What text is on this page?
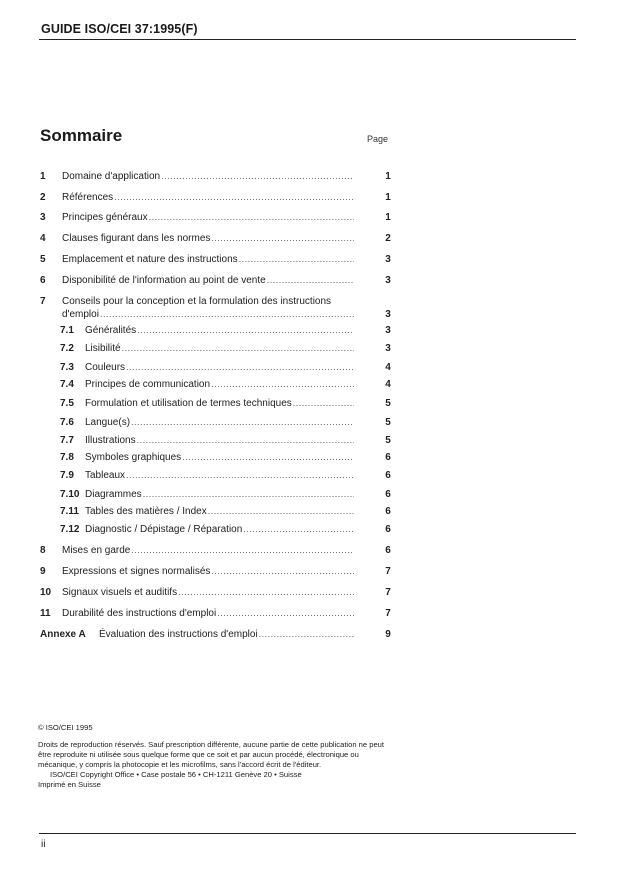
GUIDE ISO/CEI 37:1995(F)
Sommaire	Page
1 Domaine d'application .....	1
2 Références .....	1
3 Principes généraux .....	1
4 Clauses figurant dans les normes .....	2
5 Emplacement et nature des instructions .....	3
6 Disponibilité de l'information au point de vente .....	3
7 Conseils pour la conception et la formulation des instructions
d'emploi .....	3
7.1 Généralités .....	3
7.2 Lisibilité .....	3
7.3 Couleurs .....	4
7.4 Principes de communication .....	4
7.5 Formulation et utilisation de termes techniques .....	5
7.6 Langue(s) .....	5
7.7 Illustrations .....	5
7.8 Symboles graphiques .....	6
7.9 Tableaux .....	6
7.10 Diagrammes .....	6
7.11 Tables des matières / Index .....	6
7.12 Diagnostic / Dépistage / Réparation .....	6
8 Mises en garde .....	6
9 Expressions et signes normalisés .....	7
10 Signaux visuels et auditifs .....	7
11 Durabilité des instructions d'emploi .....	7
Annexe A Évaluation des instructions d'emploi .....	9

© ISO/CEI 1995

Droits de reproduction réservés. Sauf prescription différente, aucune partie de cette publication ne peut être reproduite ni utilisée sous quelque forme que ce soit et par aucun procédé, électronique ou mécanique, y compris la photocopie et les microfilms, sans l'accord écrit de l'éditeur.

ISO/CEI Copyright Office • Case postale 56 • CH-1211 Genève 20 • Suisse

Imprimé en Suisse

ii
